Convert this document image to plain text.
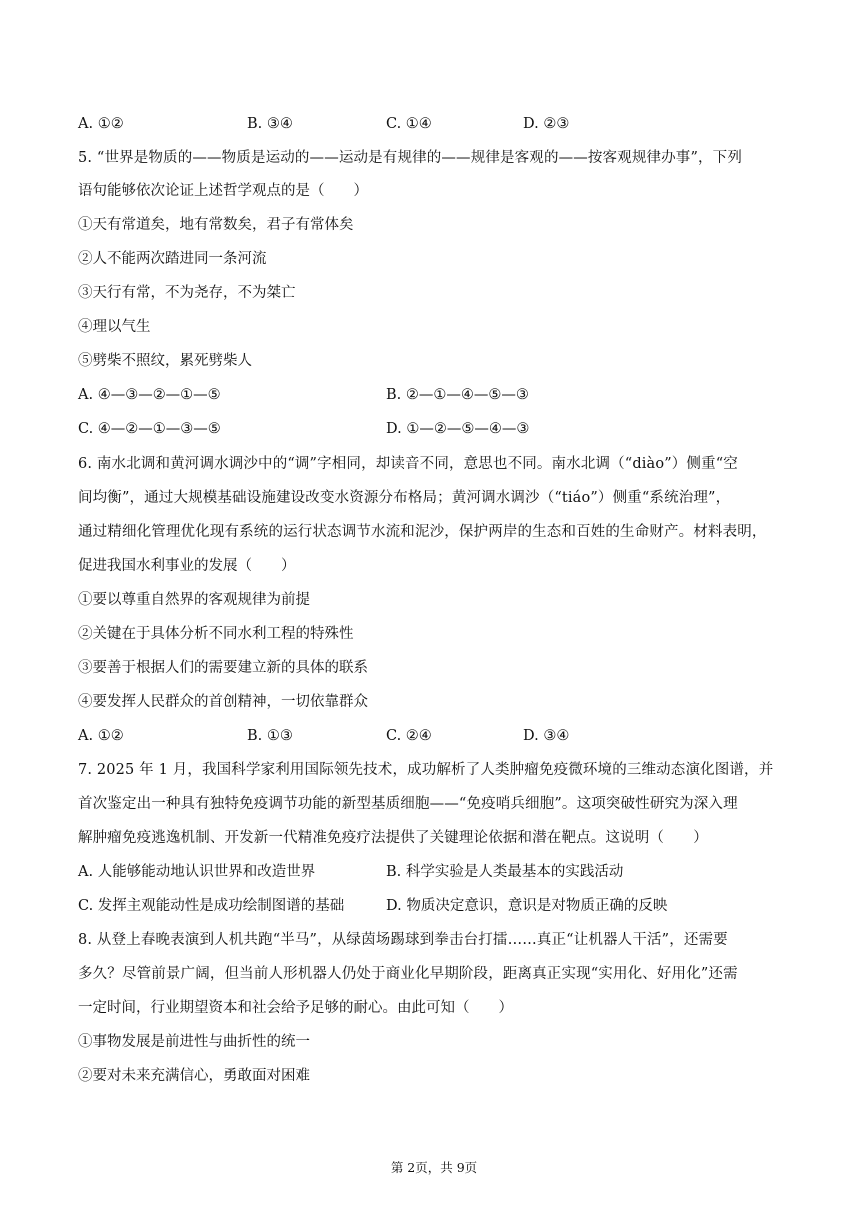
A. ①②	B. ③④	C. ①④	D. ②③
5. “世界是物质的——物质是运动的——运动是有规律的——规律是客观的——按客观规律办事”，下列
语句能够依次论证上述哲学观点的是（　　）
①天有常道矣，地有常数矣，君子有常体矣
②人不能两次踏进同一条河流
③天行有常，不为尧存，不为桀亡
④理以气生
⑤劈柴不照纹，累死劈柴人
A. ④—③—②—①—⑤	B. ②—①—④—⑤—③
C. ④—②—①—③—⑤	D. ①—②—⑤—④—③
6. 南水北调和黄河调水调沙中的“调”字相同，却读音不同，意思也不同。南水北调（“diào”）侧重“空
间均衡”，通过大规模基础设施建设改变水资源分布格局；黄河调水调沙（“tiáo”）侧重“系统治理”，
通过精细化管理优化现有系统的运行状态调节水流和泥沙，保护两岸的生态和百姓的生命财产。材料表明，
促进我国水利事业的发展（　　）
①要以尊重自然界的客观规律为前提
②关键在于具体分析不同水利工程的特殊性
③要善于根据人们的需要建立新的具体的联系
④要发挥人民群众的首创精神，一切依靠群众
A. ①②	B. ①③	C. ②④	D. ③④
7. 2025 年 1 月，我国科学家利用国际领先技术，成功解析了人类肿瘤免疫微环境的三维动态演化图谱，并
首次鉴定出一种具有独特免疫调节功能的新型基质细胞——“免疫哨兵细胞”。这项突破性研究为深入理
解肿瘤免疫逃逸机制、开发新一代精准免疫疗法提供了关键理论依据和潜在靶点。这说明（　　）
A. 人能够能动地认识世界和改造世界	B. 科学实验是人类最基本的实践活动
C. 发挥主观能动性是成功绘制图谱的基础	D. 物质决定意识，意识是对物质正确的反映
8. 从登上春晚表演到人机共跑“半马”，从绿茵场踢球到拳击台打擂……真正“让机器人干活”，还需要
多久？尽管前景广阔，但当前人形机器人仍处于商业化早期阶段，距离真正实现“实用化、好用化”还需
一定时间，行业期望资本和社会给予足够的耐心。由此可知（　　）
①事物发展是前进性与曲折性的统一
②要对未来充满信心，勇敢面对困难
第 2页，共 9页
